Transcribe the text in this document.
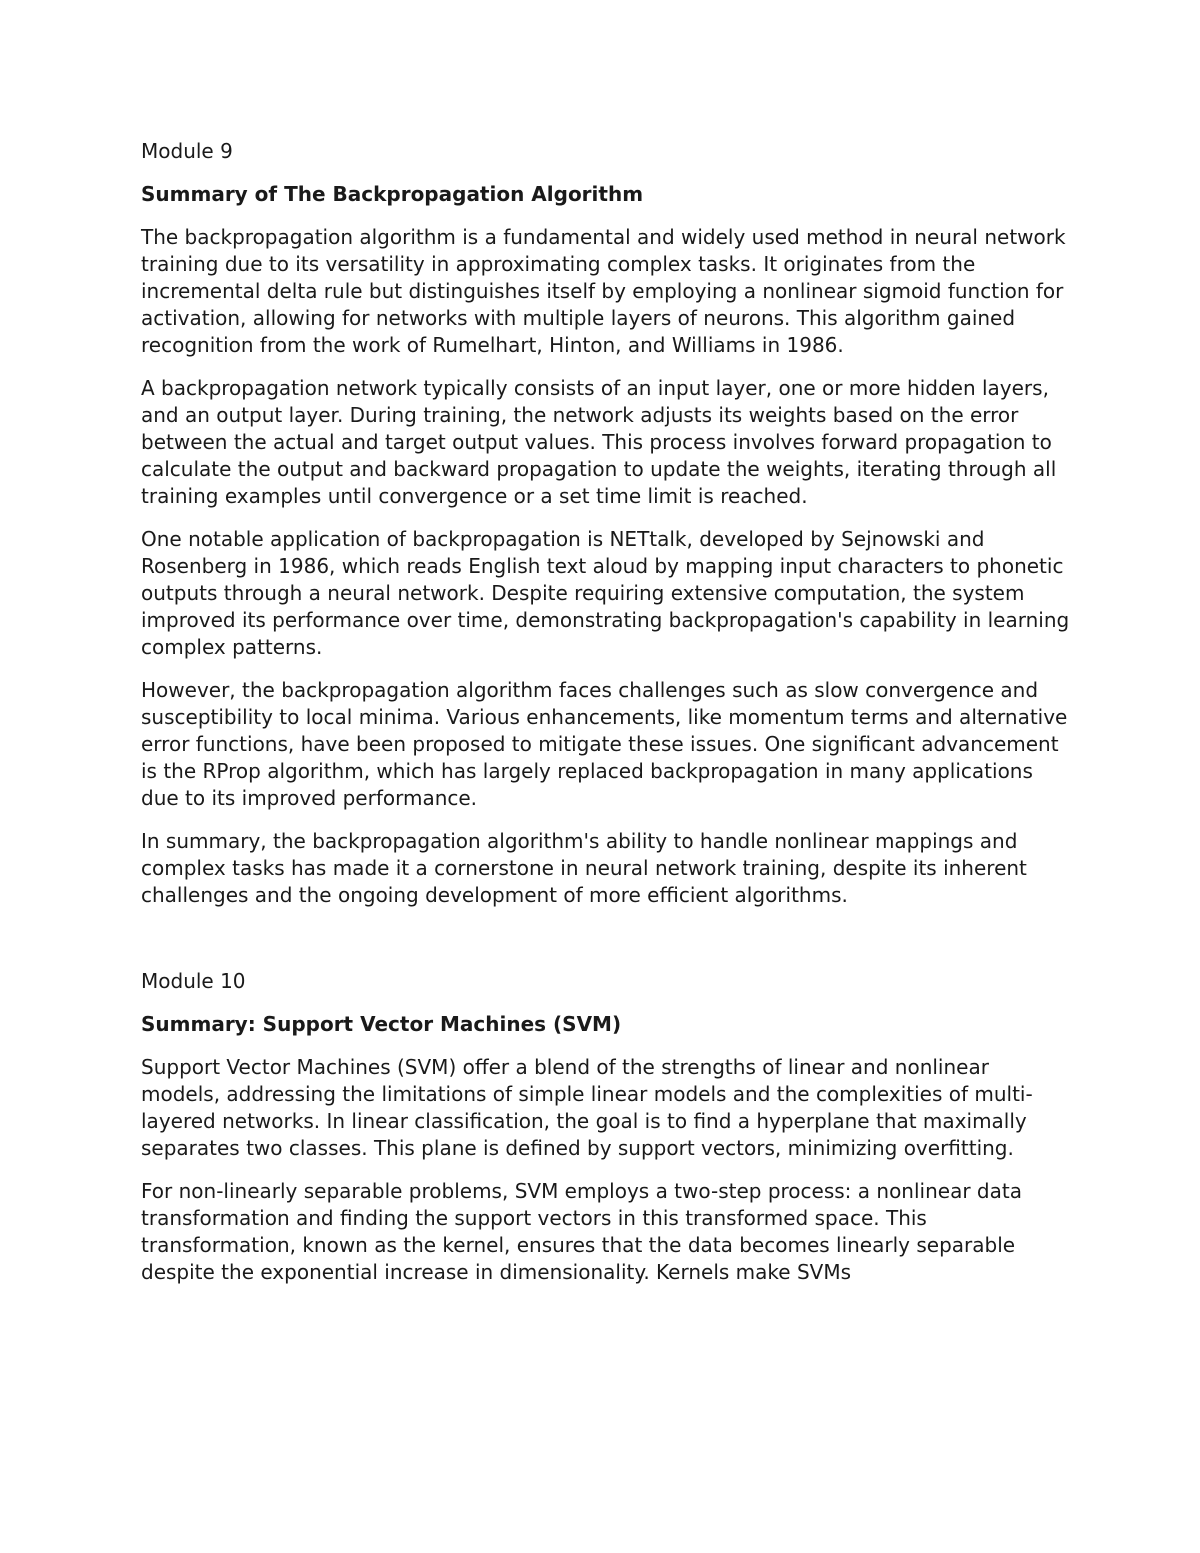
Module 9

Summary of The Backpropagation Algorithm

The backpropagation algorithm is a fundamental and widely used method in neural network training due to its versatility in approximating complex tasks. It originates from the incremental delta rule but distinguishes itself by employing a nonlinear sigmoid function for activation, allowing for networks with multiple layers of neurons. This algorithm gained recognition from the work of Rumelhart, Hinton, and Williams in 1986.

A backpropagation network typically consists of an input layer, one or more hidden layers, and an output layer. During training, the network adjusts its weights based on the error between the actual and target output values. This process involves forward propagation to calculate the output and backward propagation to update the weights, iterating through all training examples until convergence or a set time limit is reached.

One notable application of backpropagation is NETtalk, developed by Sejnowski and Rosenberg in 1986, which reads English text aloud by mapping input characters to phonetic outputs through a neural network. Despite requiring extensive computation, the system improved its performance over time, demonstrating backpropagation's capability in learning complex patterns.

However, the backpropagation algorithm faces challenges such as slow convergence and susceptibility to local minima. Various enhancements, like momentum terms and alternative error functions, have been proposed to mitigate these issues. One significant advancement is the RProp algorithm, which has largely replaced backpropagation in many applications due to its improved performance.

In summary, the backpropagation algorithm's ability to handle nonlinear mappings and complex tasks has made it a cornerstone in neural network training, despite its inherent challenges and the ongoing development of more efficient algorithms.

Module 10

Summary: Support Vector Machines (SVM)

Support Vector Machines (SVM) offer a blend of the strengths of linear and nonlinear models, addressing the limitations of simple linear models and the complexities of multi-layered networks. In linear classification, the goal is to find a hyperplane that maximally separates two classes. This plane is defined by support vectors, minimizing overfitting.

For non-linearly separable problems, SVM employs a two-step process: a nonlinear data transformation and finding the support vectors in this transformed space. This transformation, known as the kernel, ensures that the data becomes linearly separable despite the exponential increase in dimensionality. Kernels make SVMs
